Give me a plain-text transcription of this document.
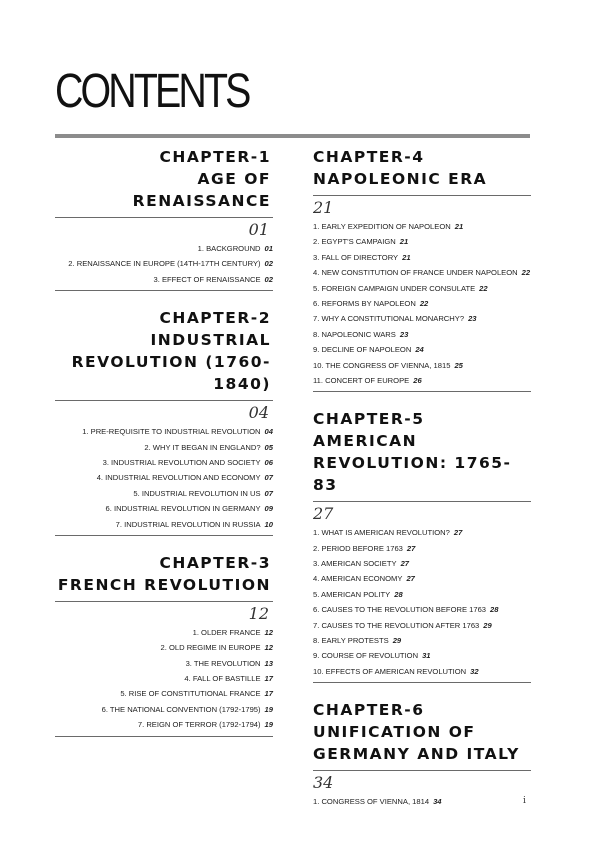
CONTENTS
CHAPTER-1
AGE OF
RENAISSANCE
01
1. BACKGROUND 01
2. RENAISSANCE IN EUROPE (14TH-17TH CENTURY) 02
3. EFFECT OF RENAISSANCE 02
CHAPTER-2
INDUSTRIAL
REVOLUTION (1760-
1840)
04
1. PRE-REQUISITE TO INDUSTRIAL REVOLUTION 04
2. WHY IT BEGAN IN ENGLAND? 05
3. INDUSTRIAL REVOLUTION AND SOCIETY 06
4. INDUSTRIAL REVOLUTION AND ECONOMY 07
5. INDUSTRIAL REVOLUTION IN US 07
6. INDUSTRIAL REVOLUTION IN GERMANY 09
7. INDUSTRIAL REVOLUTION IN RUSSIA 10
CHAPTER-3
FRENCH REVOLUTION
12
1. OLDER FRANCE 12
2. OLD REGIME IN EUROPE 12
3. THE REVOLUTION 13
4. FALL OF BASTILLE 17
5. RISE OF CONSTITUTIONAL FRANCE 17
6. THE NATIONAL CONVENTION (1792-1795) 19
7. REIGN OF TERROR (1792-1794) 19
CHAPTER-4
NAPOLEONIC ERA
21
1. EARLY EXPEDITION OF NAPOLEON 21
2. EGYPT'S CAMPAIGN 21
3. FALL OF DIRECTORY 21
4. NEW CONSTITUTION OF FRANCE UNDER NAPOLEON 22
5. FOREIGN CAMPAIGN UNDER CONSULATE 22
6. REFORMS BY NAPOLEON 22
7. WHY A CONSTITUTIONAL MONARCHY? 23
8. NAPOLEONIC WARS 23
9. DECLINE OF NAPOLEON 24
10. THE CONGRESS OF VIENNA, 1815 25
11. CONCERT OF EUROPE 26
CHAPTER-5
AMERICAN
REVOLUTION: 1765-83
27
1. WHAT IS AMERICAN REVOLUTION? 27
2. PERIOD BEFORE 1763 27
3. AMERICAN SOCIETY 27
4. AMERICAN ECONOMY 27
5. AMERICAN POLITY 28
6. CAUSES TO THE REVOLUTION BEFORE 1763 28
7. CAUSES TO THE REVOLUTION AFTER 1763 29
8. EARLY PROTESTS 29
9. COURSE OF REVOLUTION 31
10. EFFECTS OF AMERICAN REVOLUTION 32
CHAPTER-6
UNIFICATION OF
GERMANY AND ITALY
34
1. CONGRESS OF VIENNA, 1814 34	i
